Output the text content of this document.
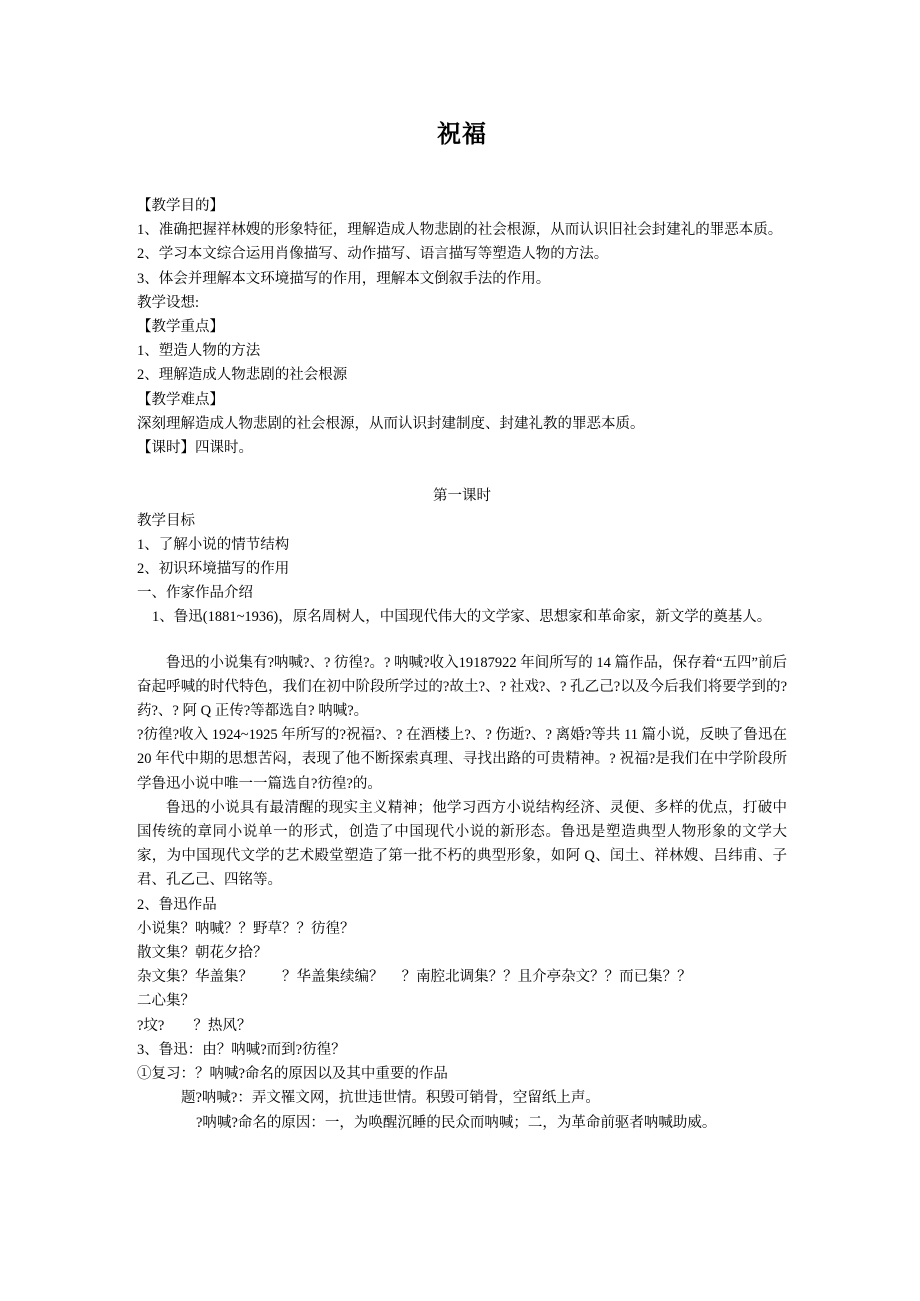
祝福

【教学目的】

1、准确把握祥林嫂的形象特征，理解造成人物悲剧的社会根源，从而认识旧社会封建礼的罪恶本质。

2、学习本文综合运用肖像描写、动作描写、语言描写等塑造人物的方法。

3、体会并理解本文环境描写的作用，理解本文倒叙手法的作用。

教学设想:

【教学重点】

1、塑造人物的方法

2、理解造成人物悲剧的社会根源

【教学难点】

深刻理解造成人物悲剧的社会根源，从而认识封建制度、封建礼教的罪恶本质。

【课时】四课时。

第一课时

教学目标

1、了解小说的情节结构

2、初识环境描写的作用

一、作家作品介绍

1、鲁迅(1881~1936)，原名周树人，中国现代伟大的文学家、思想家和革命家，新文学的奠基人。

鲁迅的小说集有?呐喊?、? 彷徨?。? 呐喊?收入19187922 年间所写的 14 篇作品，保存着“五四”前后奋起呼喊的时代特色，我们在初中阶段所学过的?故土?、? 社戏?、? 孔乙己?以及今后我们将要学到的?药?、? 阿 Q 正传?等都选自? 呐喊?。

?彷徨?收入 1924~1925 年所写的?祝福?、? 在酒楼上?、? 伤逝?、? 离婚?等共 11 篇小说，反映了鲁迅在 20 年代中期的思想苦闷，表现了他不断探索真理、寻找出路的可贵精神。? 祝福?是我们在中学阶段所学鲁迅小说中唯一一篇选自?彷徨?的。

鲁迅的小说具有最清醒的现实主义精神；他学习西方小说结构经济、灵便、多样的优点，打破中国传统的章同小说单一的形式，创造了中国现代小说的新形态。鲁迅是塑造典型人物形象的文学大家，为中国现代文学的艺术殿堂塑造了第一批不朽的典型形象，如阿 Q、闰土、祥林嫂、吕纬甫、子君、孔乙己、四铭等。

2、鲁迅作品

小说集？呐喊？？野草？？彷徨？

散文集？朝花夕拾？

杂文集？华盖集？        ？华盖集续编？     ？南腔北调集？？且介亭杂文？？而已集？？

二心集？

?坟?        ？热风？

3、鲁迅：由？呐喊?而到?彷徨？

①复习：？呐喊?命名的原因以及其中重要的作品

题?呐喊?：弄文罹文网，抗世违世情。积毁可销骨，空留纸上声。

?呐喊?命名的原因：一，为唤醒沉睡的民众而呐喊；二，为革命前驱者呐喊助威。
